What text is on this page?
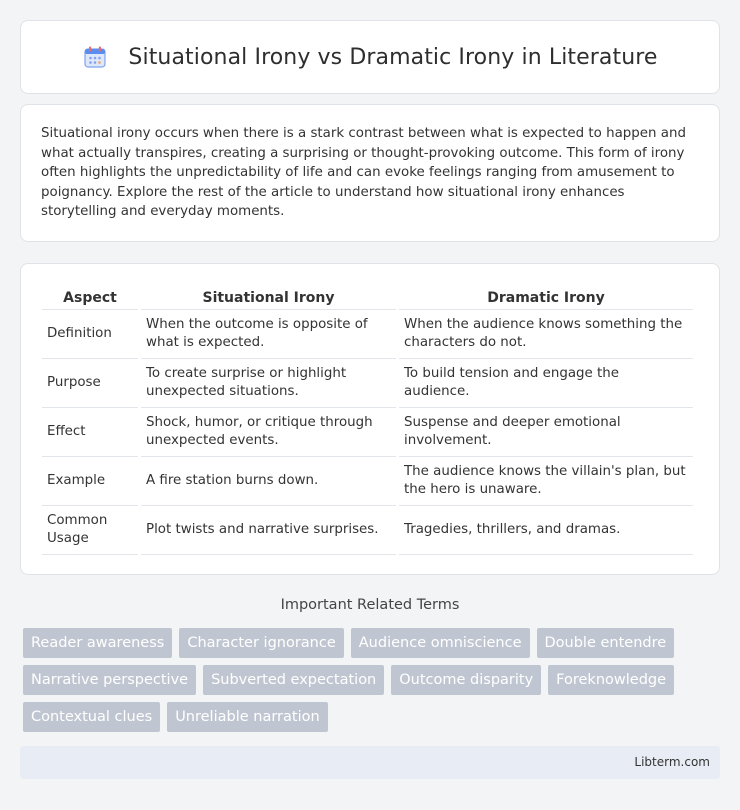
Situational Irony vs Dramatic Irony in Literature

Situational irony occurs when there is a stark contrast between what is expected to happen and what actually transpires, creating a surprising or thought-provoking outcome. This form of irony often highlights the unpredictability of life and can evoke feelings ranging from amusement to poignancy. Explore the rest of the article to understand how situational irony enhances storytelling and everyday moments.

Aspect	Situational Irony	Dramatic Irony
Definition	When the outcome is opposite of what is expected.	When the audience knows something the characters do not.
Purpose	To create surprise or highlight unexpected situations.	To build tension and engage the audience.
Effect	Shock, humor, or critique through unexpected events.	Suspense and deeper emotional involvement.
Example	A fire station burns down.	The audience knows the villain's plan, but the hero is unaware.
Common Usage	Plot twists and narrative surprises.	Tragedies, thrillers, and dramas.
Important Related Terms
Reader awareness	Character ignorance	Audience omniscience	Double entendre
Narrative perspective	Subverted expectation	Outcome disparity	Foreknowledge
Contextual clues	Unreliable narration
Libterm.com
